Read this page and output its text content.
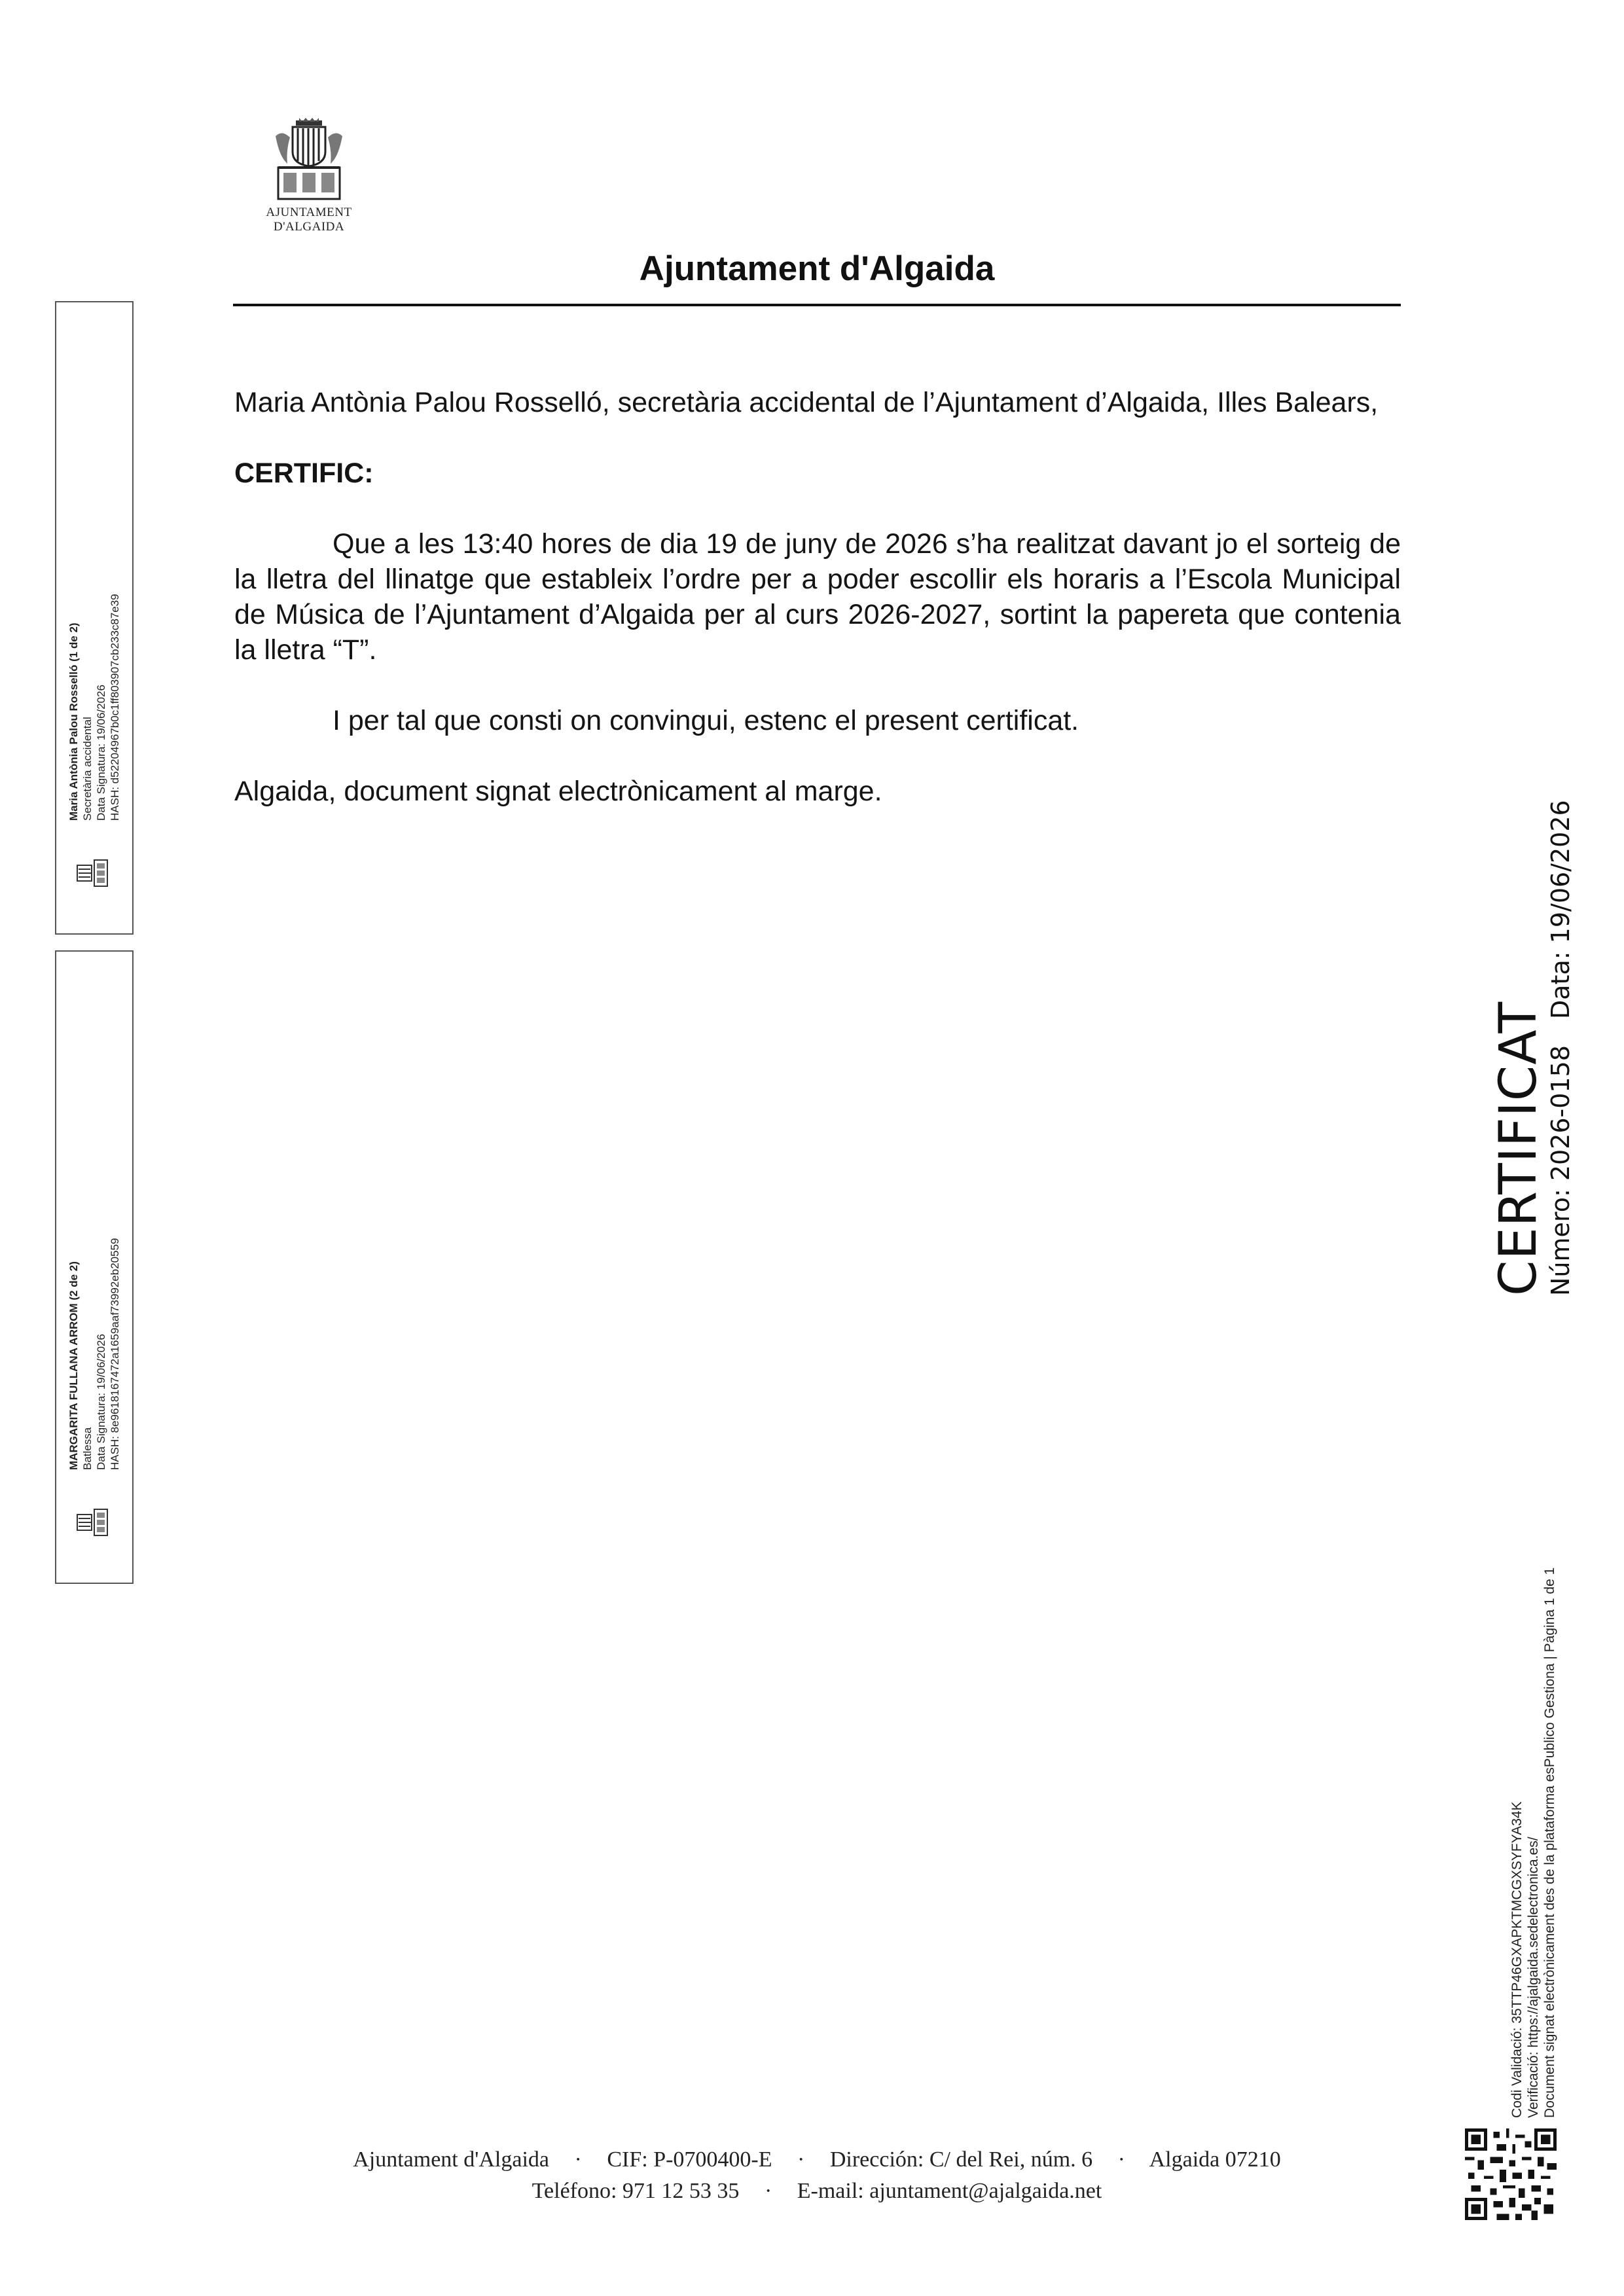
AJUNTAMENT D'ALGAIDA
Ajuntament d'Algaida

Maria Antònia Palou Rosselló, secretària accidental de l’Ajuntament d’Algaida, Illes Balears,

CERTIFIC:

Que a les 13:40 hores de dia 19 de juny de 2026 s’ha realitzat davant jo el sorteig de la lletra del llinatge que estableix l’ordre per a poder escollir els horaris a l’Escola Municipal de Música de l’Ajuntament d’Algaida per al curs 2026-2027, sortint la papereta que contenia la lletra “T”.

I per tal que consti on convingui, estenc el present certificat.

Algaida, document signat electrònicament al marge.

Maria Antònia Palou Rosselló (1 de 2) Secretària accidental Data Signatura: 19/06/2026 HASH: d52204967b0c1ff803907cb233c87e39
MARGARITA FULLANA ARROM (2 de 2) Batlessa Data Signatura: 19/06/2026 HASH: 8e9618167472a1659aaf73992eb20559
CERTIFICAT
Número: 2026-0158 Data: 19/06/2026
Codi Validació: 35TTP46GXAPKTMCGXSYFYA34K Verificació: https://ajalgaida.sedelectronica.es/ Document signat electrònicament des de la plataforma esPublico Gestiona | Pàgina 1 de 1
Ajuntament d'Algaida · CIF: P-0700400-E · Dirección: C/ del Rei, núm. 6 · Algaida 07210
Teléfono: 971 12 53 35 · E-mail: ajuntament@ajalgaida.net
